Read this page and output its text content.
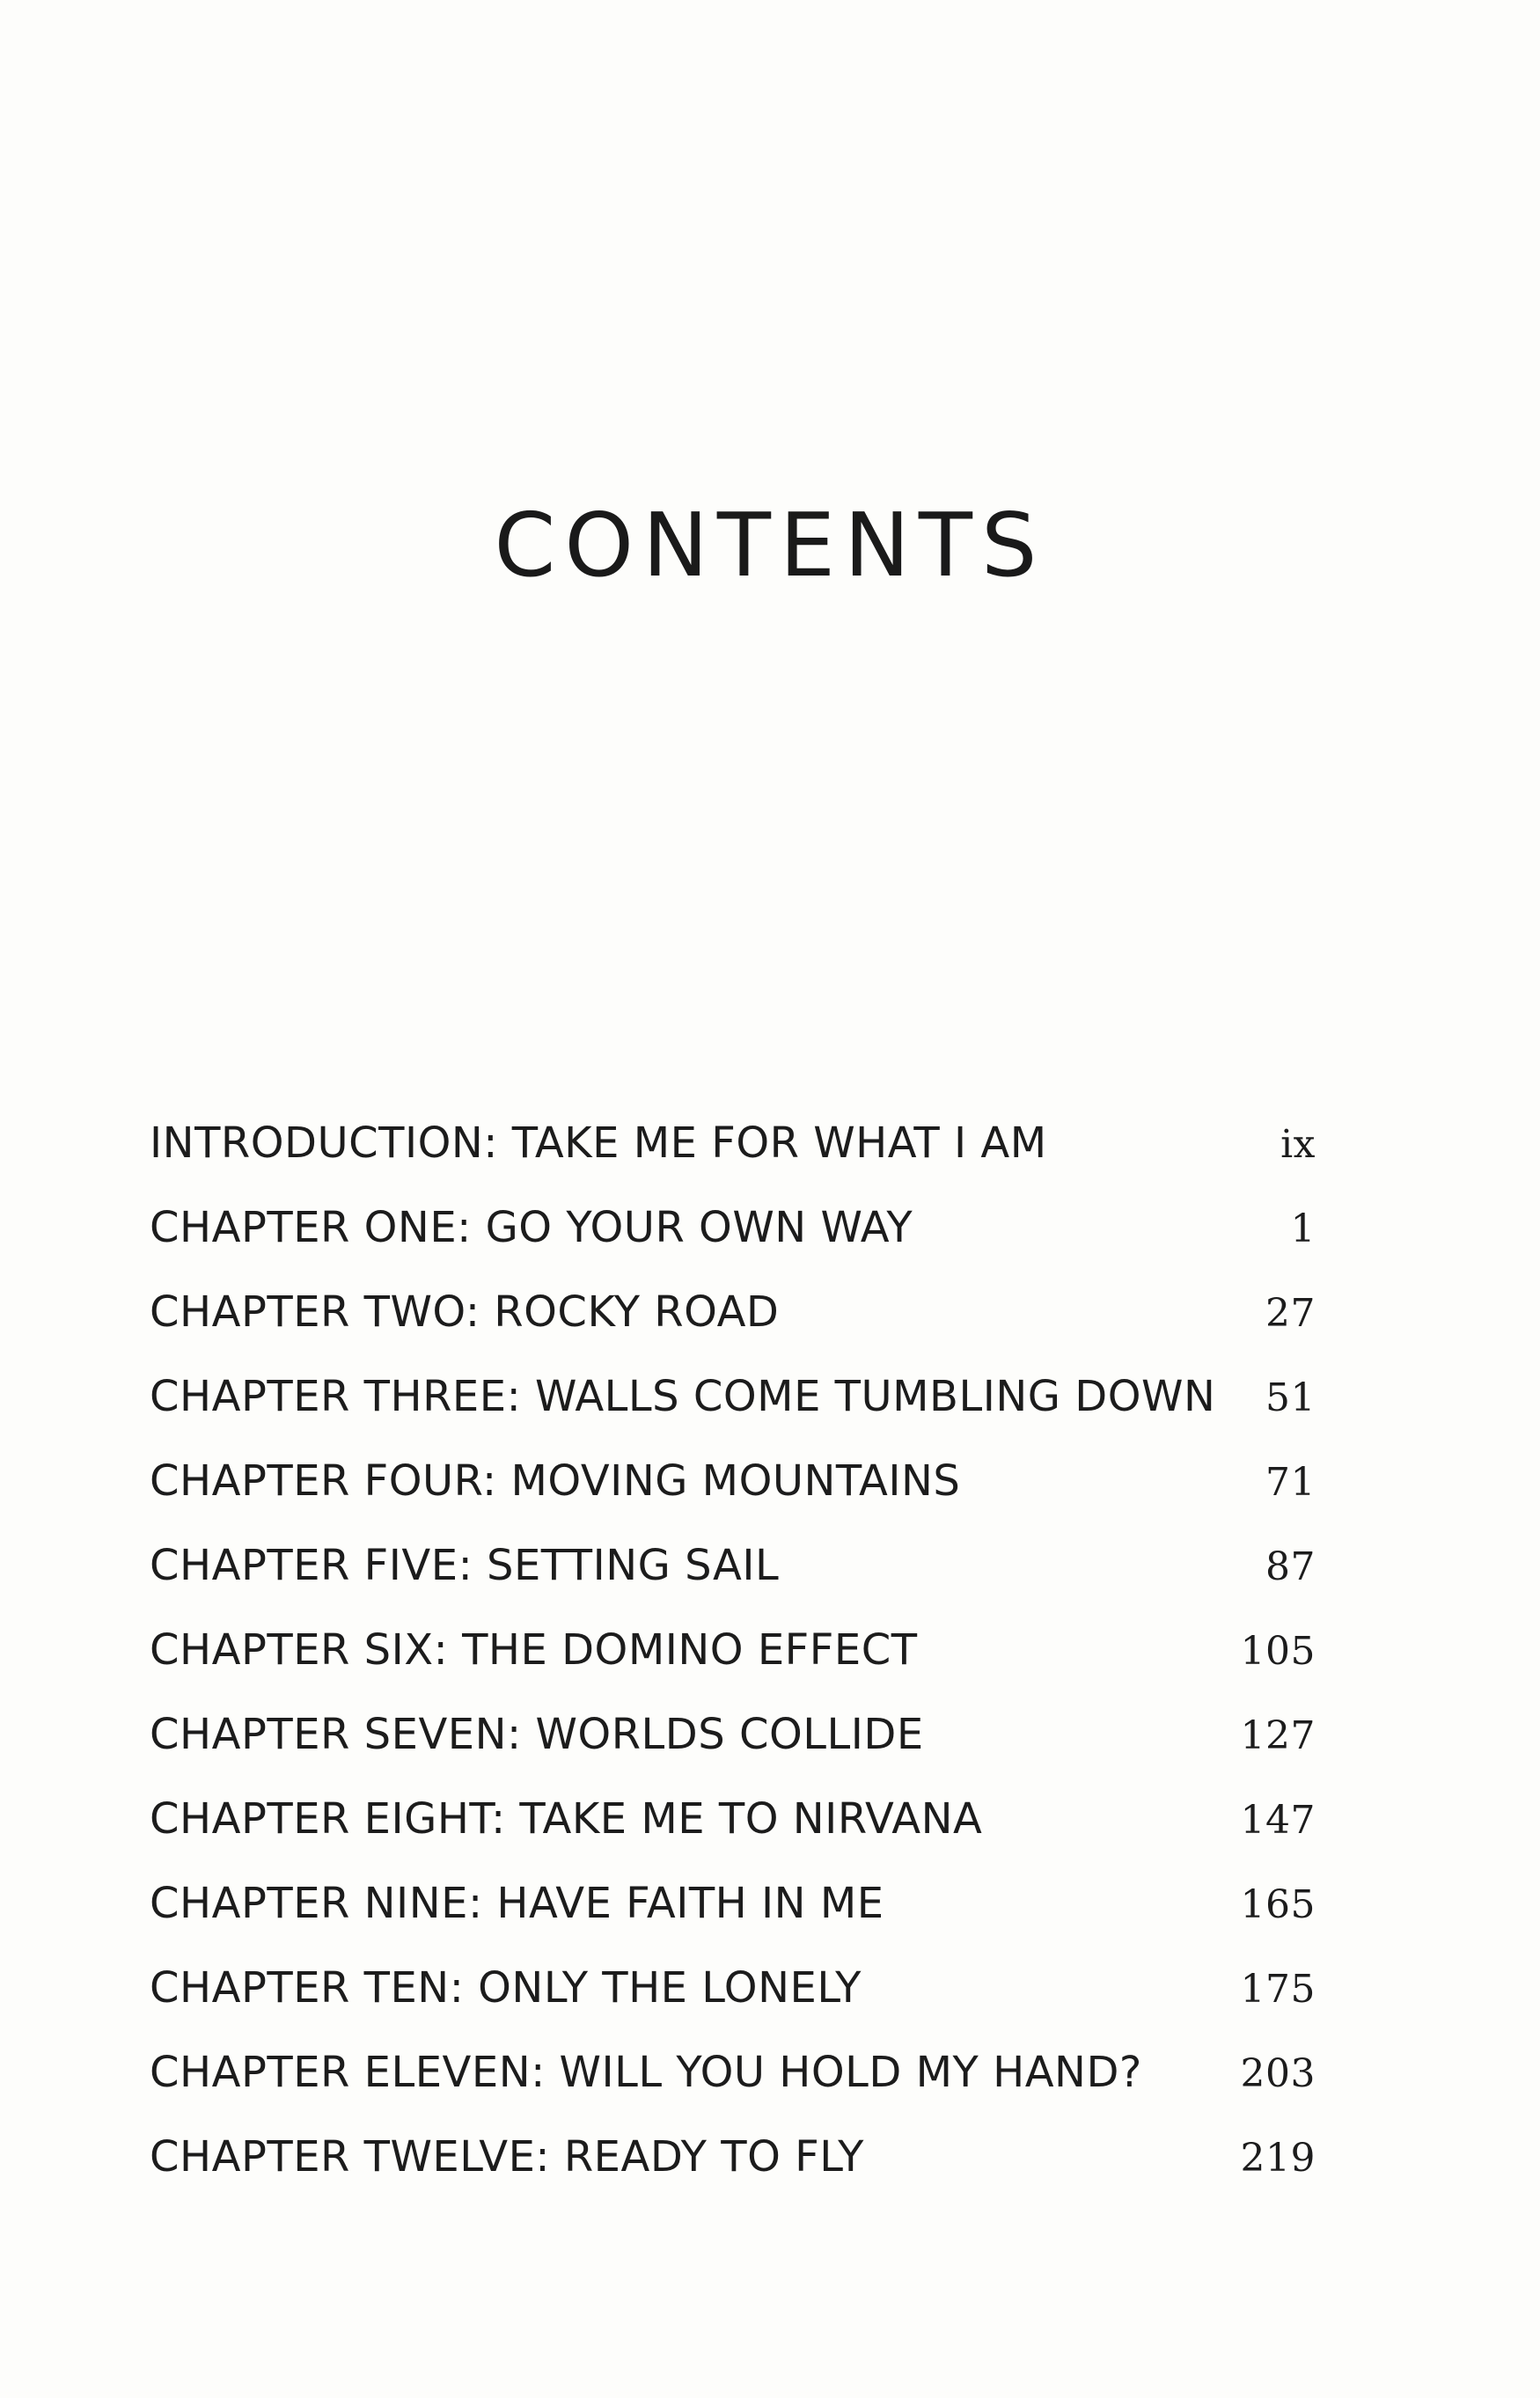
CONTENTS
INTRODUCTION: TAKE ME FOR WHAT I AM	ix
CHAPTER ONE: GO YOUR OWN WAY	1
CHAPTER TWO: ROCKY ROAD	27
CHAPTER THREE: WALLS COME TUMBLING DOWN	51
CHAPTER FOUR: MOVING MOUNTAINS	71
CHAPTER FIVE: SETTING SAIL	87
CHAPTER SIX: THE DOMINO EFFECT	105
CHAPTER SEVEN: WORLDS COLLIDE	127
CHAPTER EIGHT: TAKE ME TO NIRVANA	147
CHAPTER NINE: HAVE FAITH IN ME	165
CHAPTER TEN: ONLY THE LONELY	175
CHAPTER ELEVEN: WILL YOU HOLD MY HAND?	203
CHAPTER TWELVE: READY TO FLY	219
